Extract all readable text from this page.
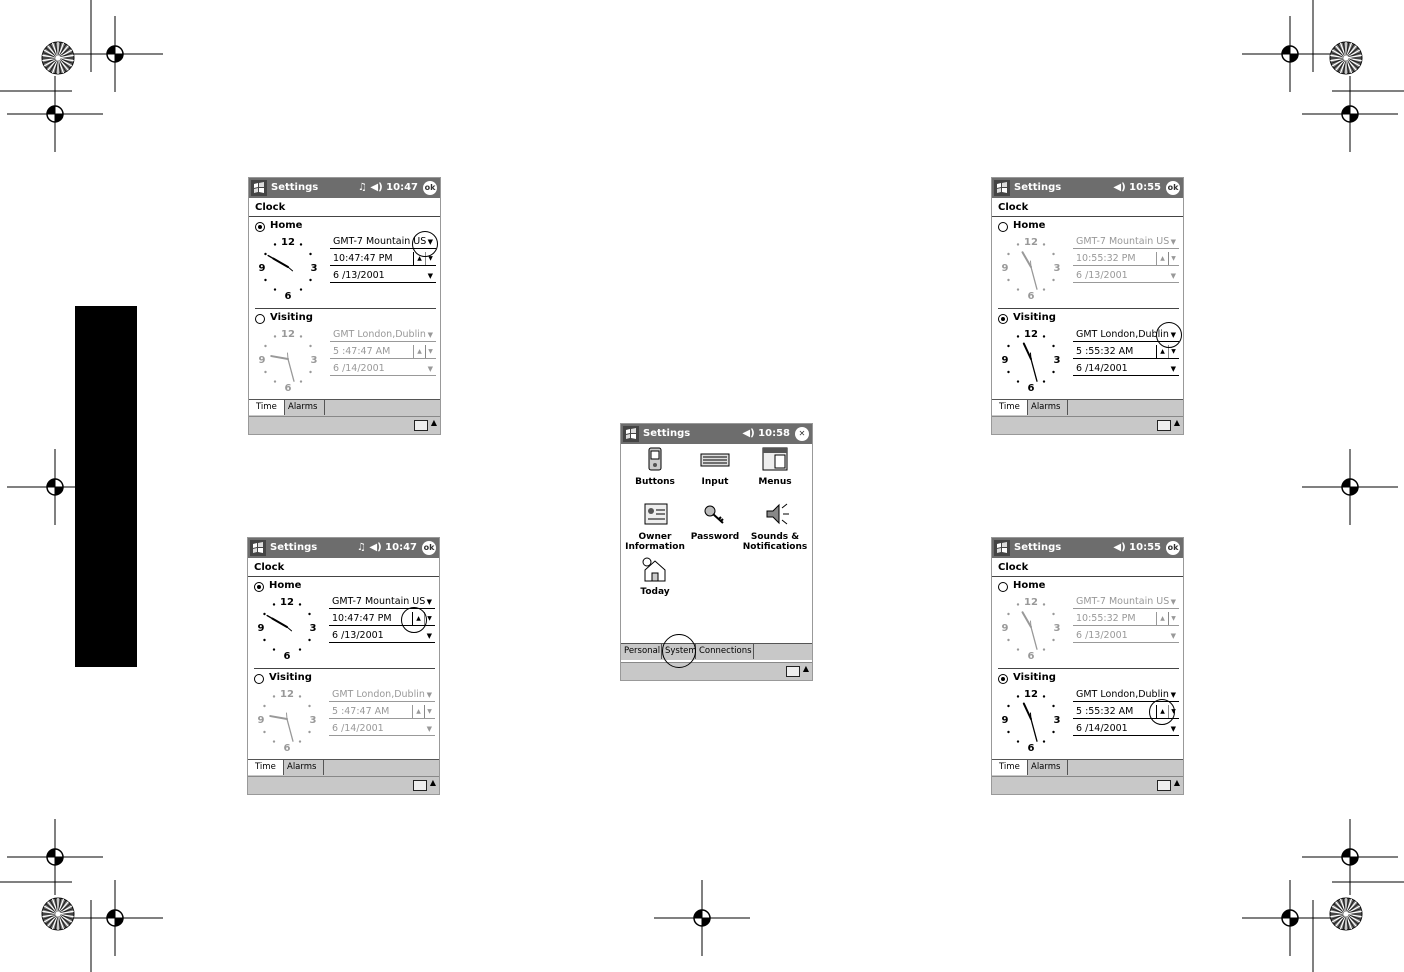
Settings	♫ ◀) 10:47 ok
Clock
Home
12
3
6
9
GMT-7 Mountain US ▼
10:47:47 PM	▲	▼
6 /13/2001	▼
Visiting
12
3
6
9
GMT London,Dublin ▼
5 :47:47 AM	▲	▼
6 /14/2001	▼
Time	Alarms
▲
Settings	♫ ◀) 10:47 ok
Clock
Home
12
3
6
9
GMT-7 Mountain US ▼
10:47:47 PM	▲	▼
6 /13/2001	▼
Visiting
12
3
6
9
GMT London,Dublin ▼
5 :47:47 AM	▲	▼
6 /14/2001	▼
Time	Alarms
▲
Settings	◀) 10:55 ok
Clock
Home
12
3
6
9
GMT-7 Mountain US ▼
10:55:32 PM	▲	▼
6 /13/2001	▼
Visiting
12
3
6
9
GMT London,Dublin ▼
5 :55:32 AM	▲	▼
6 /14/2001	▼
Time	Alarms
▲
Settings	◀) 10:55 ok
Clock
Home
12
3
6
9
GMT-7 Mountain US ▼
10:55:32 PM	▲	▼
6 /13/2001	▼
Visiting
12
3
6
9
GMT London,Dublin ▼
5 :55:32 AM	▲	▼
6 /14/2001	▼
Time	Alarms
▲
Settings	◀) 10:58	✕
Buttons	Input	Menus
Owner
Information
Password	Sounds &
Notifications
Today
Personal System Connections
▲
